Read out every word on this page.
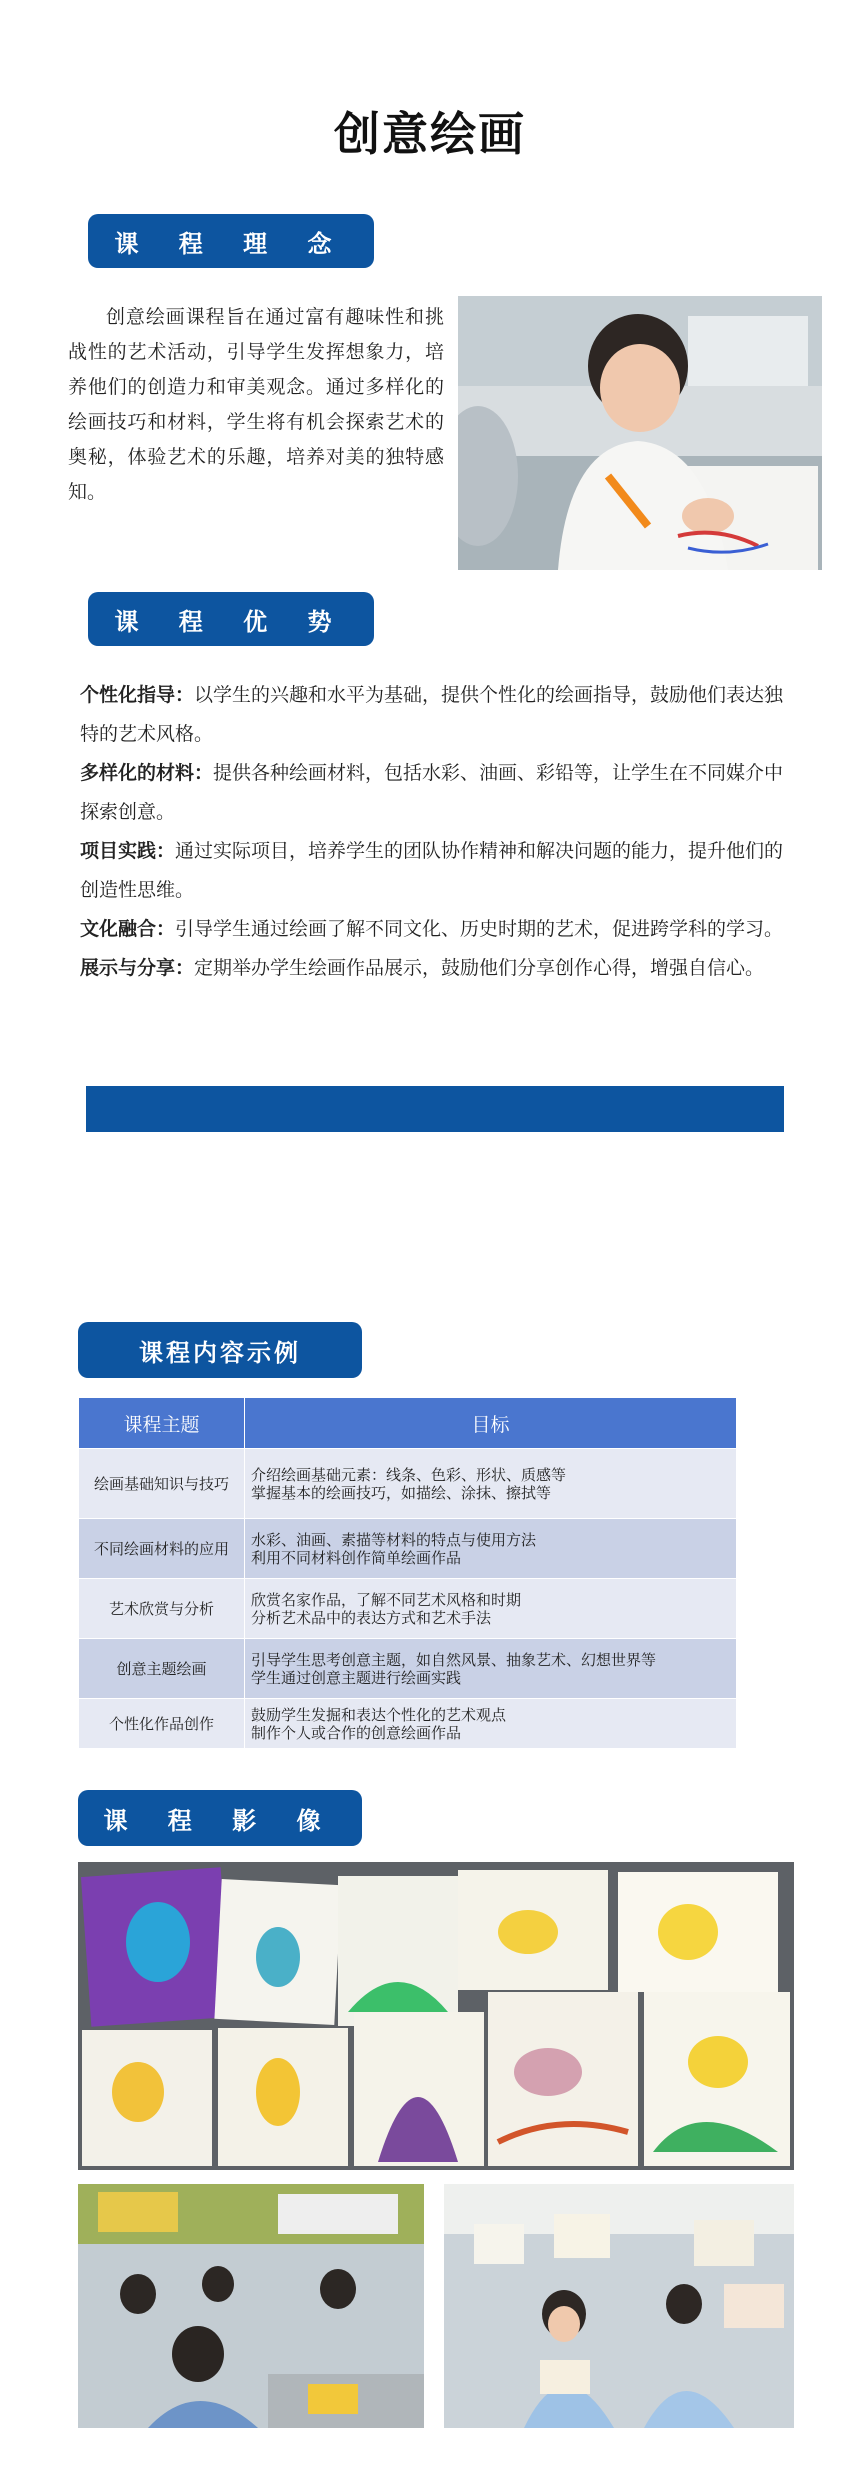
创意绘画
课 程 理 念
创意绘画课程旨在通过富有趣味性和挑战性的艺术活动，引导学生发挥想象力，培养他们的创造力和审美观念。通过多样化的绘画技巧和材料，学生将有机会探索艺术的奥秘，体验艺术的乐趣，培养对美的独特感知。
课 程 优 势

个性化指导：以学生的兴趣和水平为基础，提供个性化的绘画指导，鼓励他们表达独特的艺术风格。

多样化的材料：提供各种绘画材料，包括水彩、油画、彩铅等，让学生在不同媒介中探索创意。

项目实践：通过实际项目，培养学生的团队协作精神和解决问题的能力，提升他们的创造性思维。

文化融合：引导学生通过绘画了解不同文化、历史时期的艺术，促进跨学科的学习。

展示与分享：定期举办学生绘画作品展示，鼓励他们分享创作心得，增强自信心。

课程内容示例
课程主题	目标
绘画基础知识与技巧	介绍绘画基础元素：线条、色彩、形状、质感等
掌握基本的绘画技巧，如描绘、涂抹、擦拭等

不同绘画材料的应用	水彩、油画、素描等材料的特点与使用方法
利用不同材料创作简单绘画作品

艺术欣赏与分析	欣赏名家作品，了解不同艺术风格和时期
分析艺术品中的表达方式和艺术手法

创意主题绘画	引导学生思考创意主题，如自然风景、抽象艺术、幻想世界等
学生通过创意主题进行绘画实践

个性化作品创作	鼓励学生发掘和表达个性化的艺术观点
制作个人或合作的创意绘画作品
课 程 影 像
